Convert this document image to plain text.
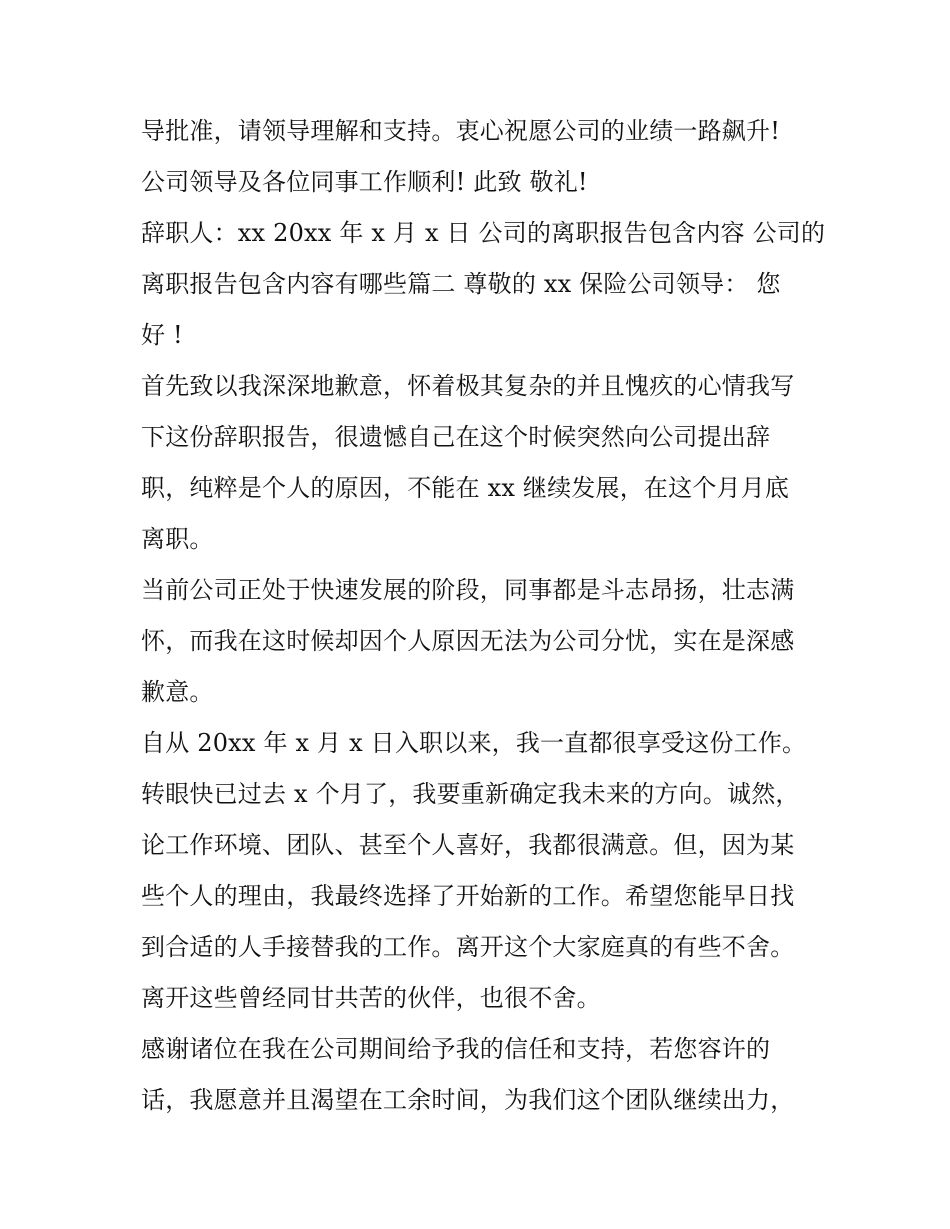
导批准，请领导理解和支持。衷心祝愿公司的业绩一路飙升!
公司领导及各位同事工作顺利! 此致 敬礼!
辞职人：xx 20xx 年 x 月 x 日 公司的离职报告包含内容 公司的
离职报告包含内容有哪些篇二 尊敬的 xx 保险公司领导： 您
好 !
首先致以我深深地歉意，怀着极其复杂的并且愧疚的心情我写
下这份辞职报告，很遗憾自己在这个时候突然向公司提出辞
职，纯粹是个人的原因，不能在 xx 继续发展，在这个月月底
离职。
当前公司正处于快速发展的阶段，同事都是斗志昂扬，壮志满
怀，而我在这时候却因个人原因无法为公司分忧，实在是深感
歉意。
自从 20xx 年 x 月 x 日入职以来，我一直都很享受这份工作。
转眼快已过去 x 个月了，我要重新确定我未来的方向。诚然，
论工作环境、团队、甚至个人喜好，我都很满意。但，因为某
些个人的理由，我最终选择了开始新的工作。希望您能早日找
到合适的人手接替我的工作。离开这个大家庭真的有些不舍。
离开这些曾经同甘共苦的伙伴，也很不舍。
感谢诸位在我在公司期间给予我的信任和支持，若您容许的
话，我愿意并且渴望在工余时间，为我们这个团队继续出力，
